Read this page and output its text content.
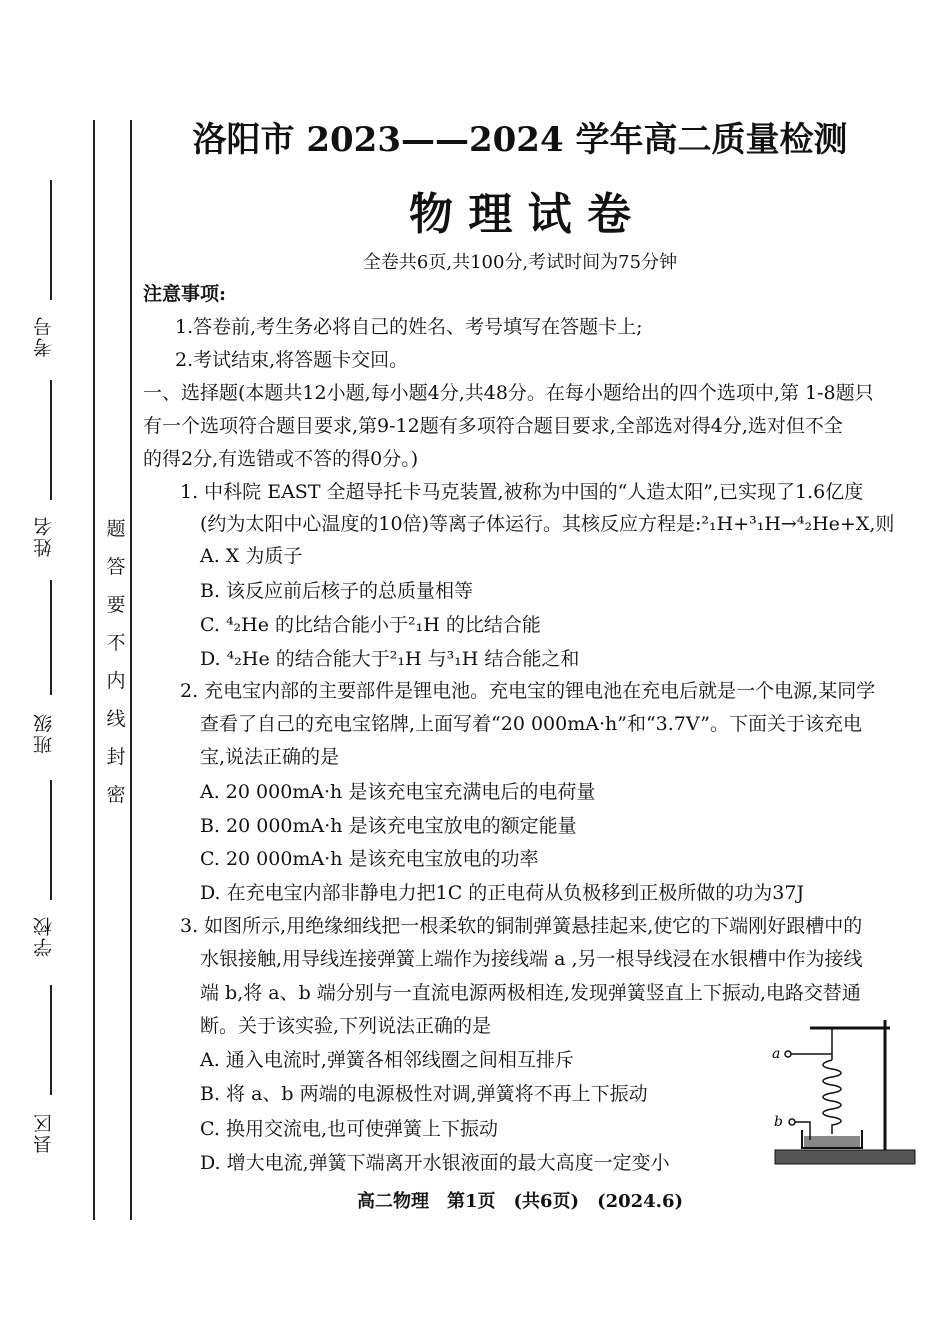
考号
姓名
班级
学校
县区
密
封
线
内
不
要
答
题
洛阳市 2023——2024 学年高二质量检测
物 理 试 卷
全卷共6页,共100分,考试时间为75分钟
注意事项:
1.答卷前,考生务必将自己的姓名、考号填写在答题卡上;
2.考试结束,将答题卡交回。
一、选择题(本题共12小题,每小题4分,共48分。在每小题给出的四个选项中,第 1-8题只
有一个选项符合题目要求,第9-12题有多项符合题目要求,全部选对得4分,选对但不全
的得2分,有选错或不答的得0分。)
1. 中科院 EAST 全超导托卡马克装置,被称为中国的“人造太阳”,已实现了1.6亿度
(约为太阳中心温度的10倍)等离子体运行。其核反应方程是:²₁H+³₁H→⁴₂He+X,则
A. X 为质子
B. 该反应前后核子的总质量相等
C. ⁴₂He 的比结合能小于²₁H 的比结合能
D. ⁴₂He 的结合能大于²₁H 与³₁H 结合能之和
2. 充电宝内部的主要部件是锂电池。充电宝的锂电池在充电后就是一个电源,某同学
查看了自己的充电宝铭牌,上面写着“20 000mA·h”和“3.7V”。下面关于该充电
宝,说法正确的是
A. 20 000mA·h 是该充电宝充满电后的电荷量
B. 20 000mA·h 是该充电宝放电的额定能量
C. 20 000mA·h 是该充电宝放电的功率
D. 在充电宝内部非静电力把1C 的正电荷从负极移到正极所做的功为37J
3. 如图所示,用绝缘细线把一根柔软的铜制弹簧悬挂起来,使它的下端刚好跟槽中的
水银接触,用导线连接弹簧上端作为接线端 a ,另一根导线浸在水银槽中作为接线
端 b,将 a、b 端分别与一直流电源两极相连,发现弹簧竖直上下振动,电路交替通
断。关于该实验,下列说法正确的是
A. 通入电流时,弹簧各相邻线圈之间相互排斥
B. 将 a、b 两端的电源极性对调,弹簧将不再上下振动
C. 换用交流电,也可使弹簧上下振动
D. 增大电流,弹簧下端离开水银液面的最大高度一定变小
a
b
高二物理　第1页　(共6页)　(2024.6)
